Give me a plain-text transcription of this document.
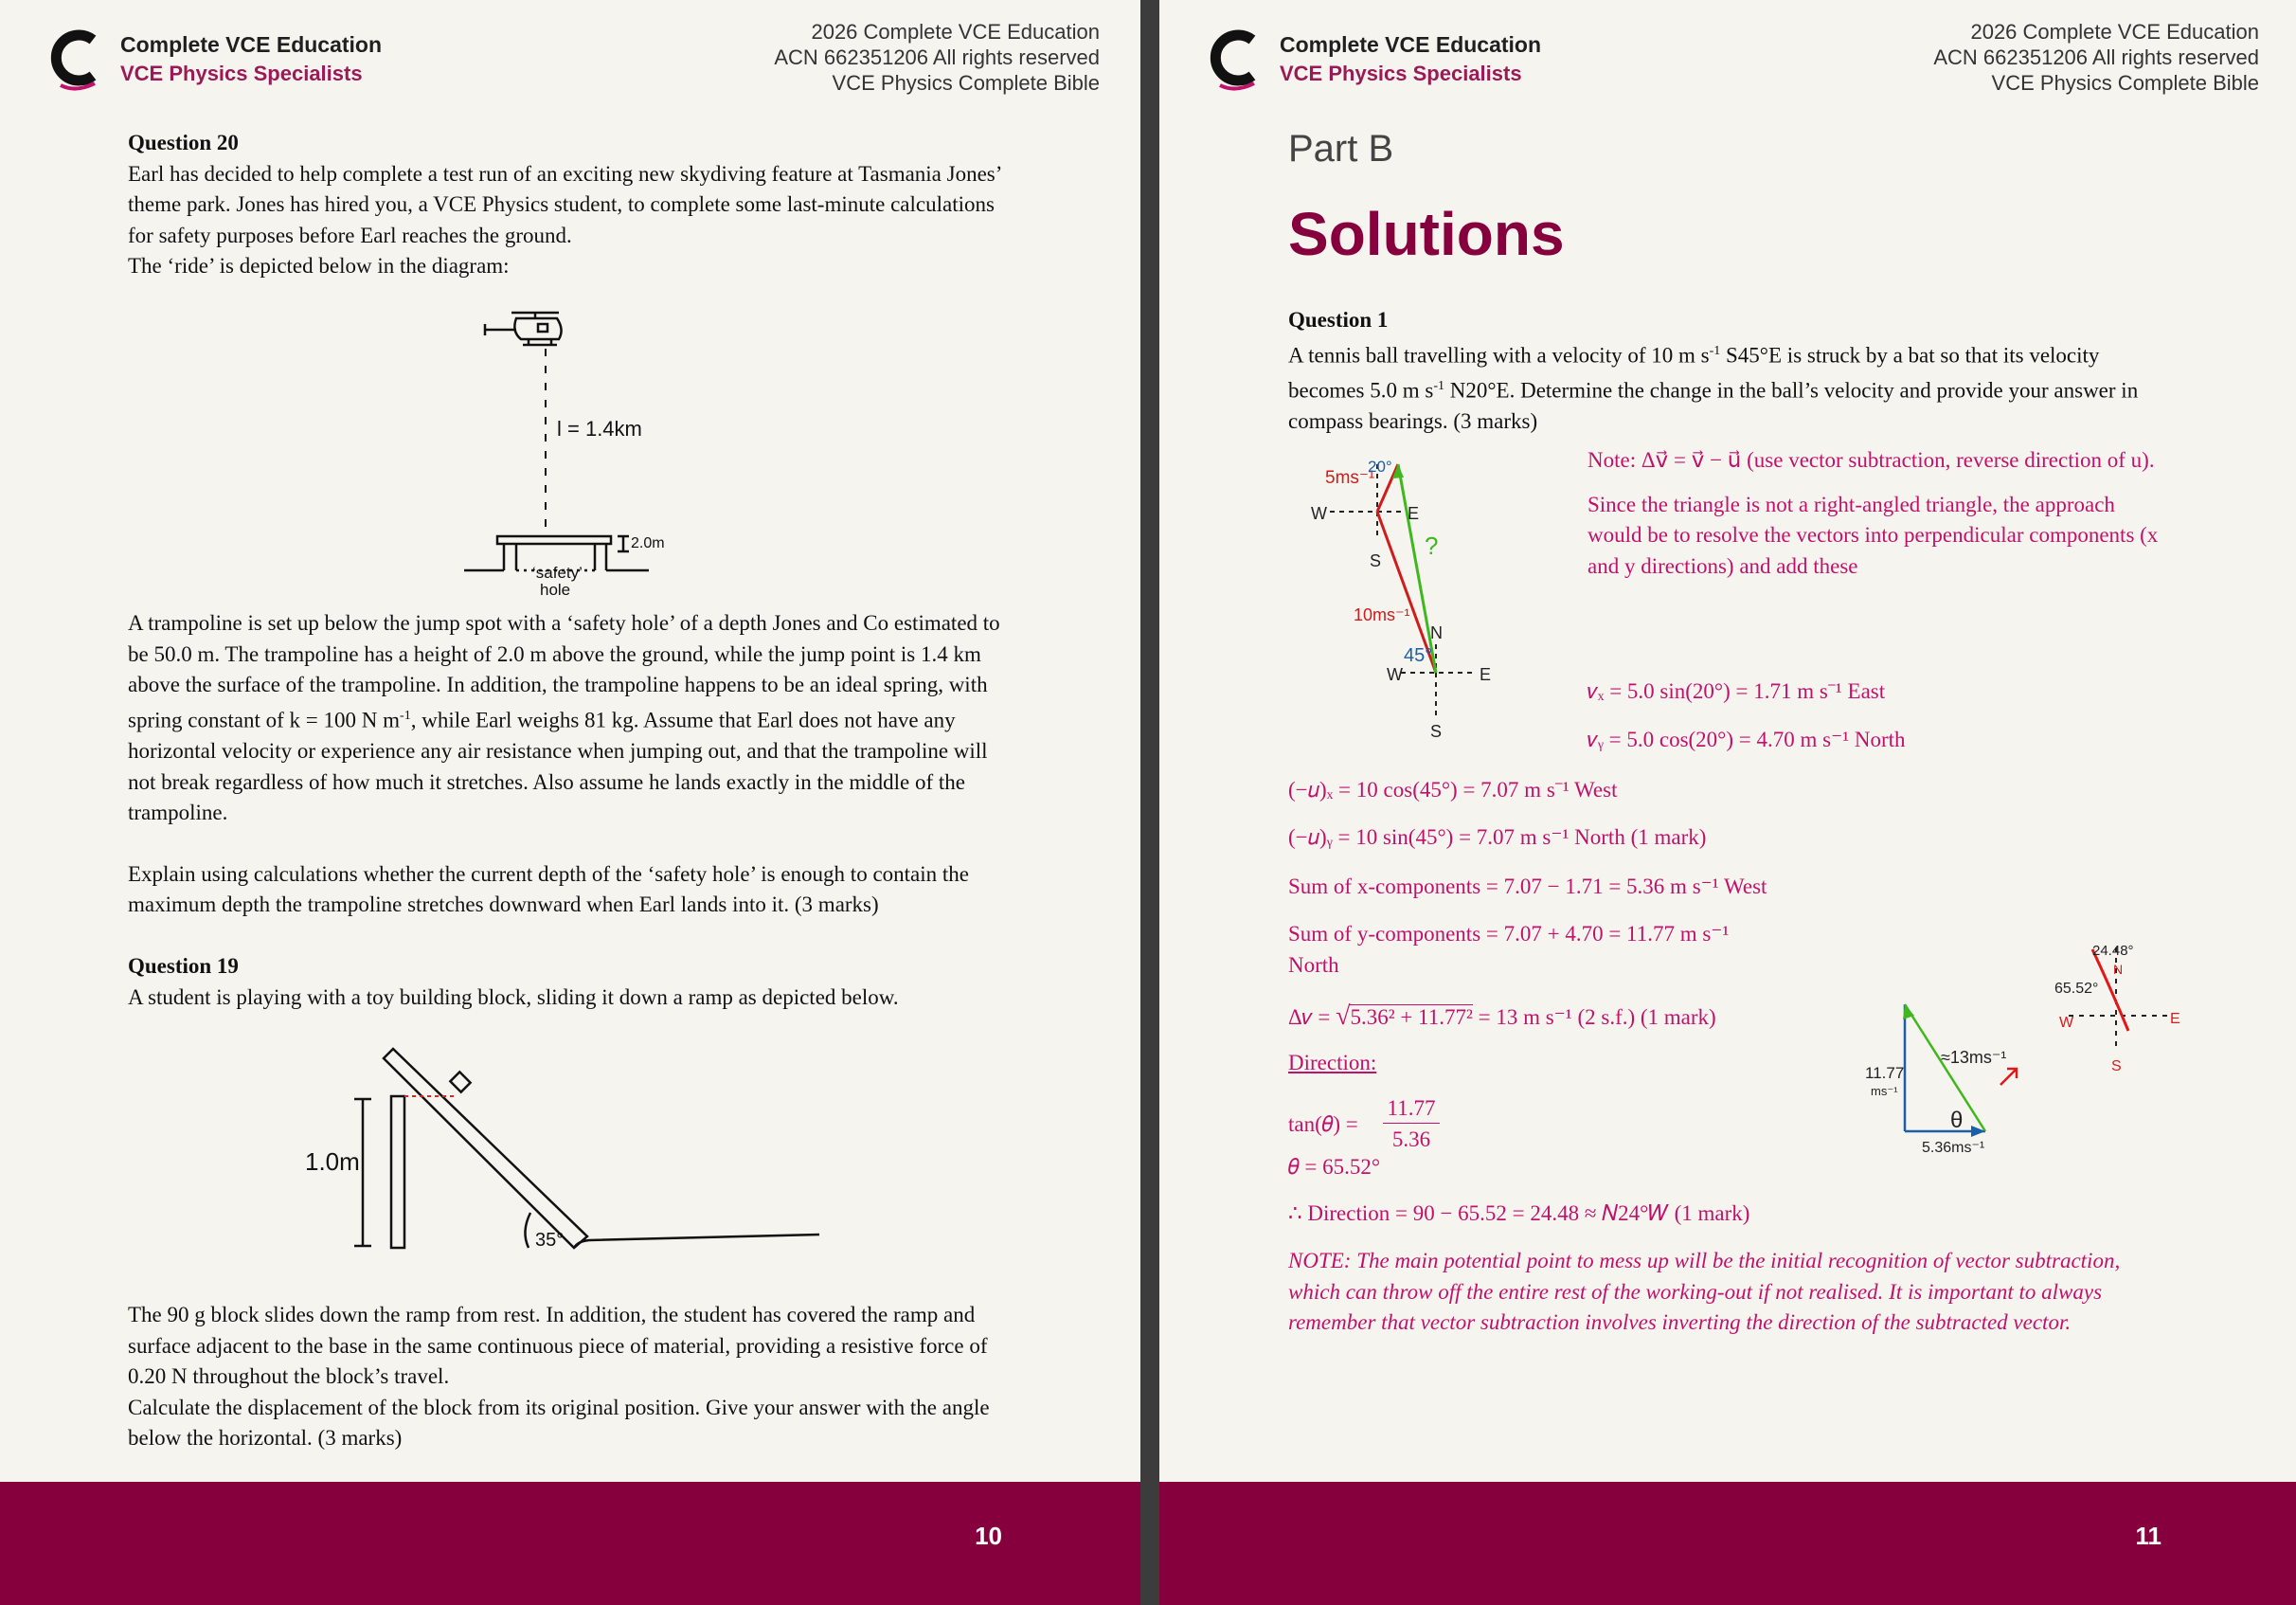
Complete VCE Education
VCE Physics Specialists
2026 Complete VCE Education
ACN 662351206 All rights reserved
VCE Physics Complete Bible
Question 20
Earl has decided to help complete a test run of an exciting new skydiving feature at Tasmania Jones’ theme park. Jones has hired you, a VCE Physics student, to complete some last-minute calculations for safety purposes before Earl reaches the ground.
The ‘ride’ is depicted below in the diagram:
l = 1.4km
2.0m
‘safety’
hole
A trampoline is set up below the jump spot with a ‘safety hole’ of a depth Jones and Co estimated to be 50.0 m. The trampoline has a height of 2.0 m above the ground, while the jump point is 1.4 km above the surface of the trampoline. In addition, the trampoline happens to be an ideal spring, with spring constant of k = 100 N $m^{-1}$, while Earl weighs 81 kg. Assume that Earl does not have any horizontal velocity or experience any air resistance when jumping out, and that the trampoline will not break regardless of how much it stretches. Also assume he lands exactly in the middle of the trampoline.
Explain using calculations whether the current depth of the ‘safety hole’ is enough to contain the maximum depth the trampoline stretches downward when Earl lands into it. (3 marks)
Question 19
A student is playing with a toy building block, sliding it down a ramp as depicted below.
1.0m
35°
The 90 g block slides down the ramp from rest. In addition, the student has covered the ramp and surface adjacent to the base in the same continuous piece of material, providing a resistive force of 0.20 N throughout the block’s travel.
Calculate the displacement of the block from its original position. Give your answer with the angle below the horizontal. (3 marks)
10
Complete VCE Education
VCE Physics Specialists
2026 Complete VCE Education
ACN 662351206 All rights reserved
VCE Physics Complete Bible
Part B
Solutions
Question 1
A tennis ball travelling with a velocity of 10 m $s^{-1}$ S45°E is struck by a bat so that its velocity becomes 5.0 m $s^{-1}$ N20°E. Determine the change in the ball’s velocity and provide your answer in compass bearings. (3 marks)
5ms⁻¹
20°
?
10ms⁻¹
45°
W	E
S
N
W	E
S
Note: Δv⃗ = v⃗ − u⃗ (use vector subtraction, reverse direction of u).
Since the triangle is not a right-angled triangle, the approach would be to resolve the vectors into perpendicular components (x and y directions) and add these
𝑣ₓ = 5.0 sin(20°) = 1.71 m s⁻¹ East
𝑣ᵧ = 5.0 cos(20°) = 4.70 m s⁻¹ North
(−𝑢)ₓ = 10 cos(45°) = 7.07 m s⁻¹ West
(−𝑢)ᵧ = 10 sin(45°) = 7.07 m s⁻¹ North (1 mark)
Sum of x-components = 7.07 − 1.71 = 5.36 m s⁻¹ West
Sum of y-components = 7.07 + 4.70 = 11.77 m s⁻¹
North
Δ𝑣 = √5.36² + 11.77² = 13 m s⁻¹ (2 s.f.) (1 mark)
Direction:
tan(𝜃) =
11.77
5.36
𝜃 = 65.52°
∴ Direction = 90 − 65.52 = 24.48 ≈ 𝑁24°𝑊 (1 mark)
NOTE: The main potential point to mess up will be the initial recognition of vector subtraction, which can throw off the entire rest of the working-out if not realised. It is important to always remember that vector subtraction involves inverting the direction of the subtracted vector.
11.77
ms⁻¹
5.36ms⁻¹
≈13ms⁻¹
θ
65.52°
24.48°
N
W	E
S
11
